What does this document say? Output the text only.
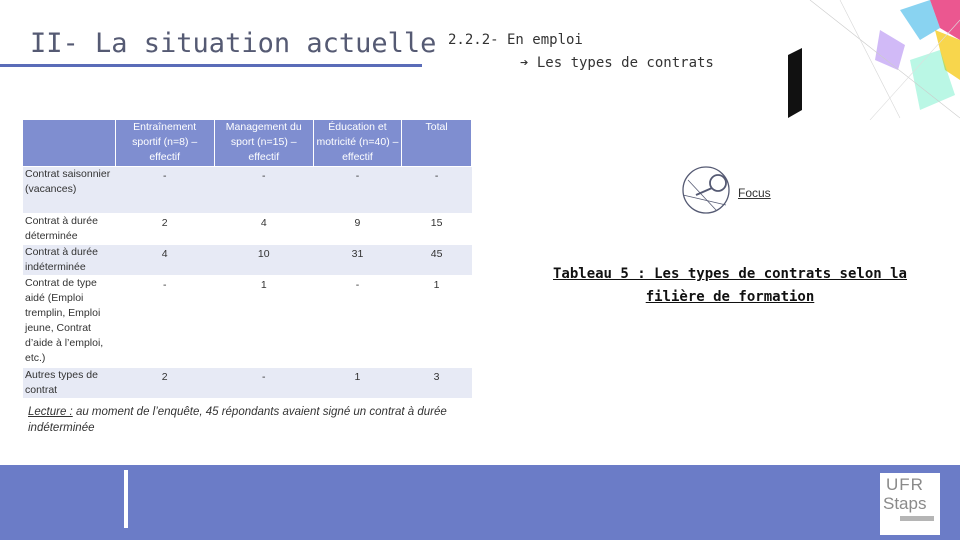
II- La situation actuelle 2.2.2- En emploi
➔ Les types de contrats
	Entraînement sportif (n=8) – effectif	Management du sport (n=15) – effectif	Éducation et motricité (n=40) – effectif	Total
Contrat saisonnier (vacances)	-	-	-	-
Contrat à durée déterminée	2	4	9	15
Contrat à durée indéterminée	4	10	31	45
Contrat de type aidé (Emploi tremplin, Emploi jeune, Contrat d’aide à l’emploi, etc.)	-	1	-	1
Autres types de contrat	2	-	1	3
Lecture : au moment de l’enquête, 45 répondants avaient signé un contrat à durée indéterminée
Focus
Tableau 5 : Les types de contrats selon la filière de formation
UFR
Staps
